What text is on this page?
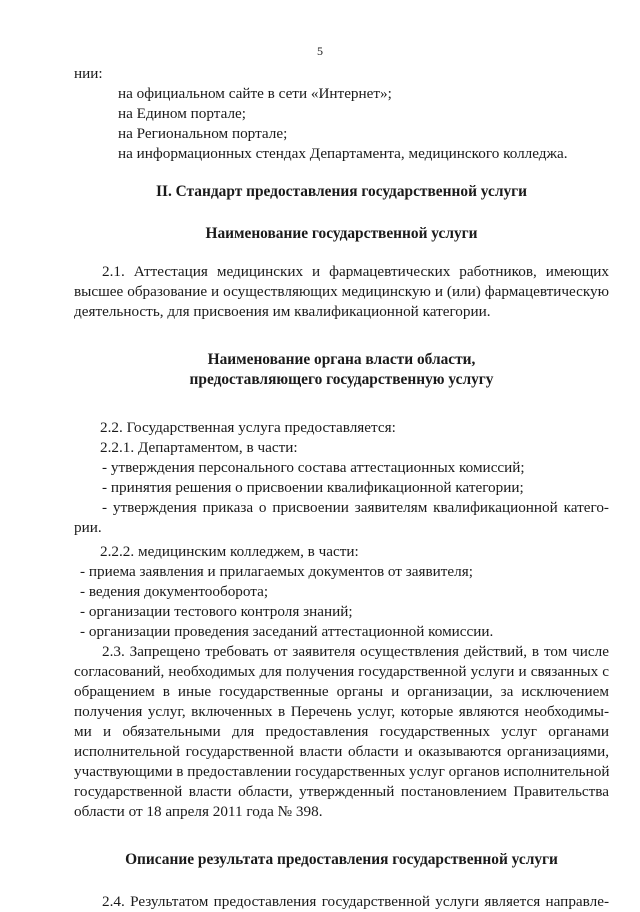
5
нии:
на официальном сайте в сети «Интернет»;
на Едином портале;
на Региональном портале;
на информационных стендах Департамента, медицинского колледжа.
II. Стандарт предоставления государственной услуги
Наименование государственной услуги
2.1. Аттестация медицинских и фармацевтических работников, имеющих
высшее образование и осуществляющих медицинскую и (или) фармацевтическую
деятельность, для присвоения им квалификационной категории.
Наименование органа власти области,
предоставляющего государственную услугу
2.2. Государственная услуга предоставляется:
2.2.1. Департаментом, в части:
- утверждения персонального состава аттестационных комиссий;
- принятия решения о присвоении квалификационной категории;
- утверждения приказа о присвоении заявителям квалификационной катего-
рии.
2.2.2. медицинским колледжем, в части:
- приема заявления и прилагаемых документов от заявителя;
- ведения документооборота;
- организации тестового контроля знаний;
- организации проведения заседаний аттестационной комиссии.
2.3. Запрещено требовать от заявителя осуществления действий, в том числе
согласований, необходимых для получения государственной услуги и связанных с
обращением в иные государственные органы и организации, за исключением
получения услуг, включенных в Перечень услуг, которые являются необходимы-
ми и обязательными для предоставления государственных услуг органами
исполнительной государственной власти области и оказываются организациями,
участвующими в предоставлении государственных услуг органов исполнительной
государственной власти области, утвержденный постановлением Правительства
области от 18 апреля 2011 года № 398.
Описание результата предоставления государственной услуги
2.4. Результатом предоставления государственной услуги является направле-
